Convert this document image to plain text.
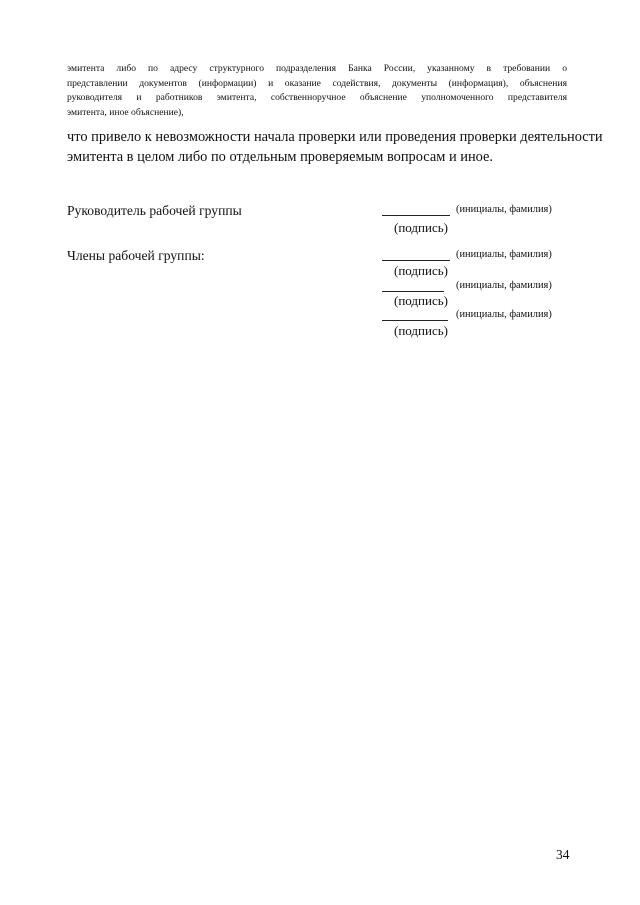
эмитента либо по адресу структурного подразделения Банка России, указанному в требовании о
представлении документов (информации) и оказание содействия, документы (информация), объяснения
руководителя и работников эмитента, собственноручное объяснение уполномоченного представителя
эмитента, иное объяснение),
что привело к невозможности начала проверки или проведения проверки деятельности
эмитента в целом либо по отдельным проверяемым вопросам и иное.
Руководитель рабочей группы	(инициалы, фамилия)
(подпись)
Члены рабочей группы:	(инициалы, фамилия)
(подпись)
(инициалы, фамилия)
(подпись)
(инициалы, фамилия)
(подпись)
34
